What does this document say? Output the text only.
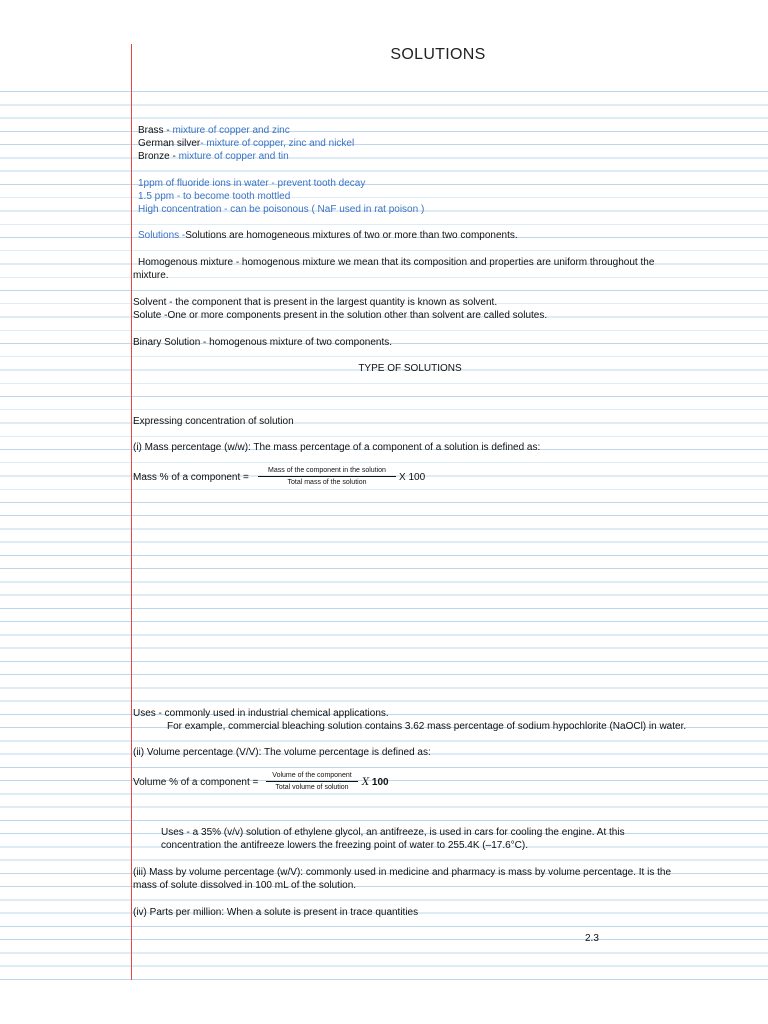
SOLUTIONS
Brass - mixture of copper and zinc
German silver- mixture of copper, zinc and nickel
Bronze - mixture of copper and tin
1ppm of fluoride ions in water - prevent tooth decay
1.5 ppm - to become tooth mottled
High concentration - can be poisonous ( NaF used in rat poison )
Solutions -Solutions are homogeneous mixtures of two or more than two components.
Homogenous mixture - homogenous mixture we mean that its composition and properties are uniform throughout the
mixture.
Solvent - the component that is present in the largest quantity is known as solvent.
Solute -One or more components present in the solution other than solvent are called solutes.
Binary Solution - homogenous mixture of two components.
TYPE OF SOLUTIONS
Expressing concentration of solution
(i) Mass percentage (w/w): The mass percentage of a component of a solution is defined as:
Mass % of a component =
Mass of the component in the solution
Total mass of the solution	X 100
Uses - commonly used in industrial chemical applications.
For example, commercial bleaching solution contains 3.62 mass percentage of sodium hypochlorite (NaOCl) in water.
(ii) Volume percentage (V/V): The volume percentage is defined as:
Volume % of a component =
Volume of the component
Total volume of solution	X 100
Uses - a 35% (v/v) solution of ethylene glycol, an antifreeze, is used in cars for cooling the engine. At this
concentration the antifreeze lowers the freezing point of water to 255.4K (–17.6°C).
(iii) Mass by volume percentage (w/V): commonly used in medicine and pharmacy is mass by volume percentage. It is the
mass of solute dissolved in 100 mL of the solution.
(iv) Parts per million: When a solute is present in trace quantities
2.3
